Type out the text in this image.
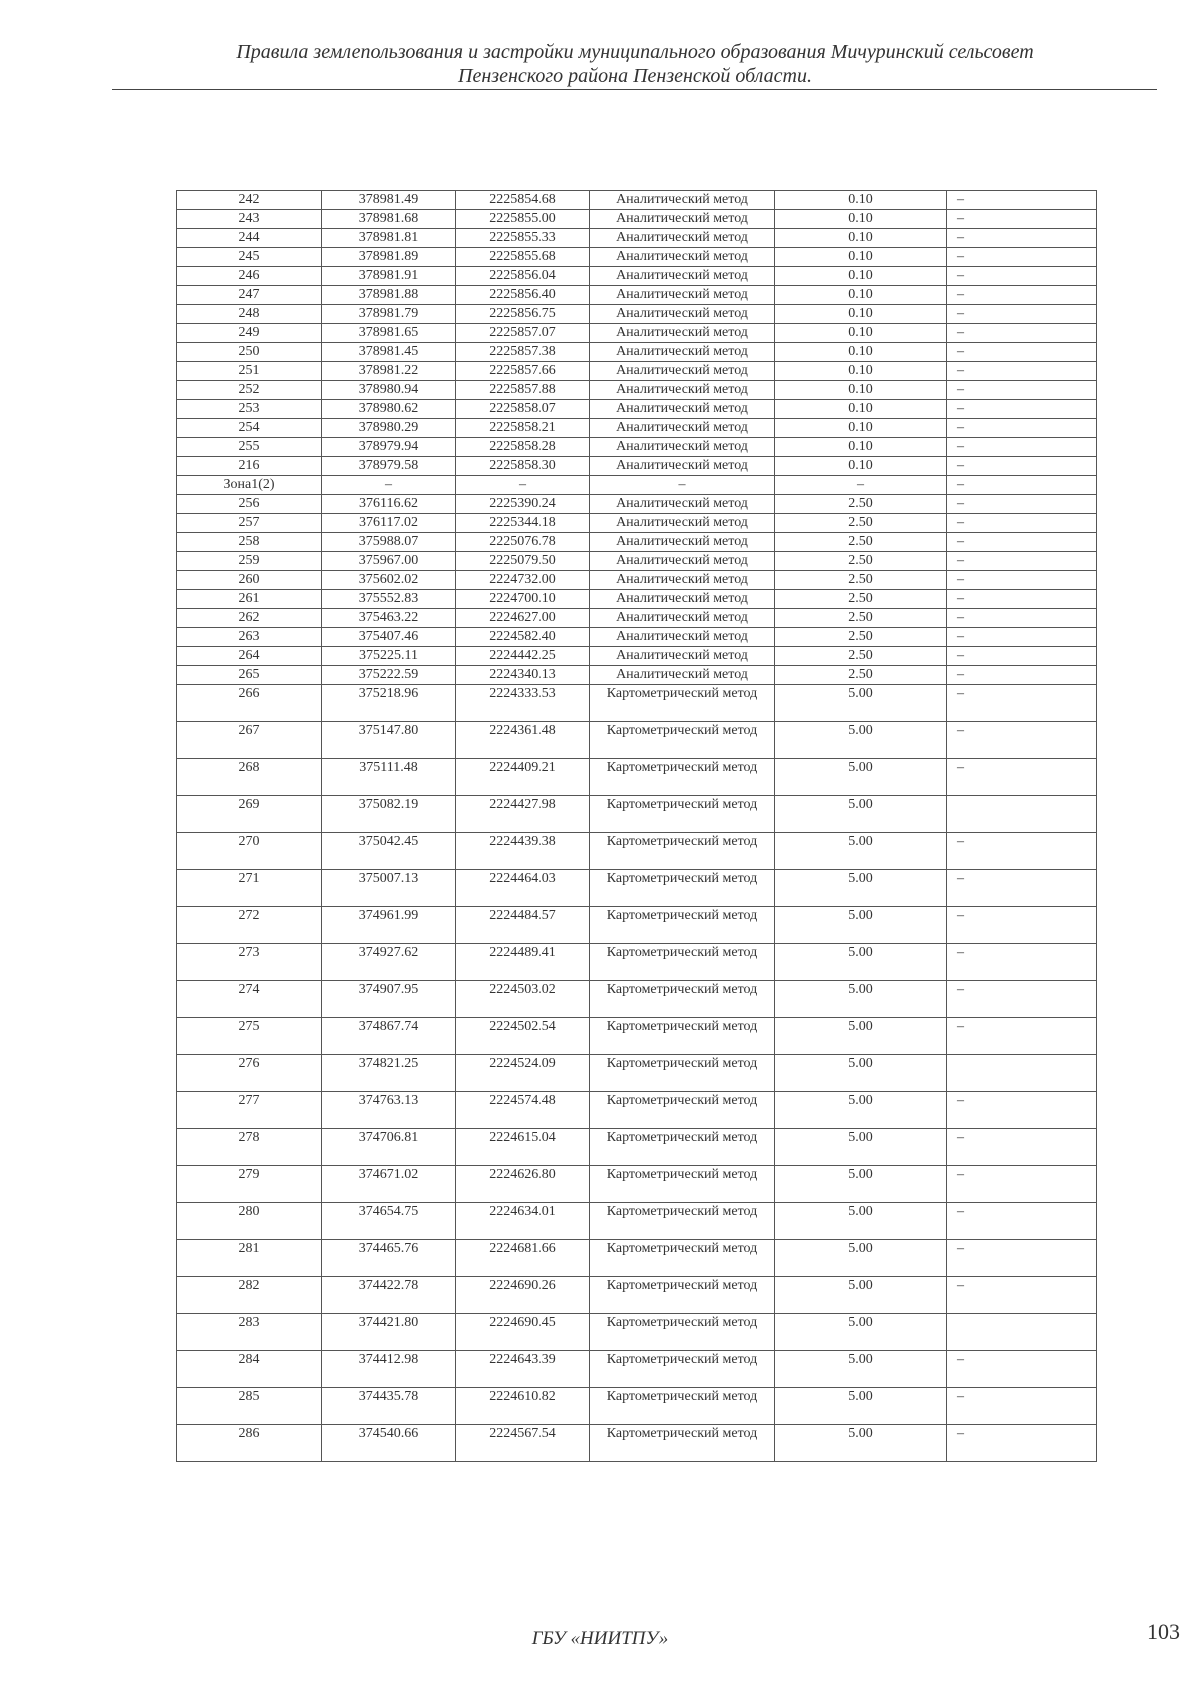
Правила землепользования и застройки муниципального образования Мичуринский сельсовет
Пензенского района Пензенской области.
242	378981.49	2225854.68	Аналитический метод	0.10	–
243	378981.68	2225855.00	Аналитический метод	0.10	–
244	378981.81	2225855.33	Аналитический метод	0.10	–
245	378981.89	2225855.68	Аналитический метод	0.10	–
246	378981.91	2225856.04	Аналитический метод	0.10	–
247	378981.88	2225856.40	Аналитический метод	0.10	–
248	378981.79	2225856.75	Аналитический метод	0.10	–
249	378981.65	2225857.07	Аналитический метод	0.10	–
250	378981.45	2225857.38	Аналитический метод	0.10	–
251	378981.22	2225857.66	Аналитический метод	0.10	–
252	378980.94	2225857.88	Аналитический метод	0.10	–
253	378980.62	2225858.07	Аналитический метод	0.10	–
254	378980.29	2225858.21	Аналитический метод	0.10	–
255	378979.94	2225858.28	Аналитический метод	0.10	–
216	378979.58	2225858.30	Аналитический метод	0.10	–
Зона1(2)	–	–	–	–	–
256	376116.62	2225390.24	Аналитический метод	2.50	–
257	376117.02	2225344.18	Аналитический метод	2.50	–
258	375988.07	2225076.78	Аналитический метод	2.50	–
259	375967.00	2225079.50	Аналитический метод	2.50	–
260	375602.02	2224732.00	Аналитический метод	2.50	–
261	375552.83	2224700.10	Аналитический метод	2.50	–
262	375463.22	2224627.00	Аналитический метод	2.50	–
263	375407.46	2224582.40	Аналитический метод	2.50	–
264	375225.11	2224442.25	Аналитический метод	2.50	–
265	375222.59	2224340.13	Аналитический метод	2.50	–
266	375218.96	2224333.53	Картометрический метод	5.00	–
267	375147.80	2224361.48	Картометрический метод	5.00	–
268	375111.48	2224409.21	Картометрический метод	5.00	–
269	375082.19	2224427.98	Картометрический метод	5.00	
270	375042.45	2224439.38	Картометрический метод	5.00	–
271	375007.13	2224464.03	Картометрический метод	5.00	–
272	374961.99	2224484.57	Картометрический метод	5.00	–
273	374927.62	2224489.41	Картометрический метод	5.00	–
274	374907.95	2224503.02	Картометрический метод	5.00	–
275	374867.74	2224502.54	Картометрический метод	5.00	–
276	374821.25	2224524.09	Картометрический метод	5.00	
277	374763.13	2224574.48	Картометрический метод	5.00	–
278	374706.81	2224615.04	Картометрический метод	5.00	–
279	374671.02	2224626.80	Картометрический метод	5.00	–
280	374654.75	2224634.01	Картометрический метод	5.00	–
281	374465.76	2224681.66	Картометрический метод	5.00	–
282	374422.78	2224690.26	Картометрический метод	5.00	–
283	374421.80	2224690.45	Картометрический метод	5.00	
284	374412.98	2224643.39	Картометрический метод	5.00	–
285	374435.78	2224610.82	Картометрический метод	5.00	–
286	374540.66	2224567.54	Картометрический метод	5.00	–
ГБУ «НИИТПУ»	103
